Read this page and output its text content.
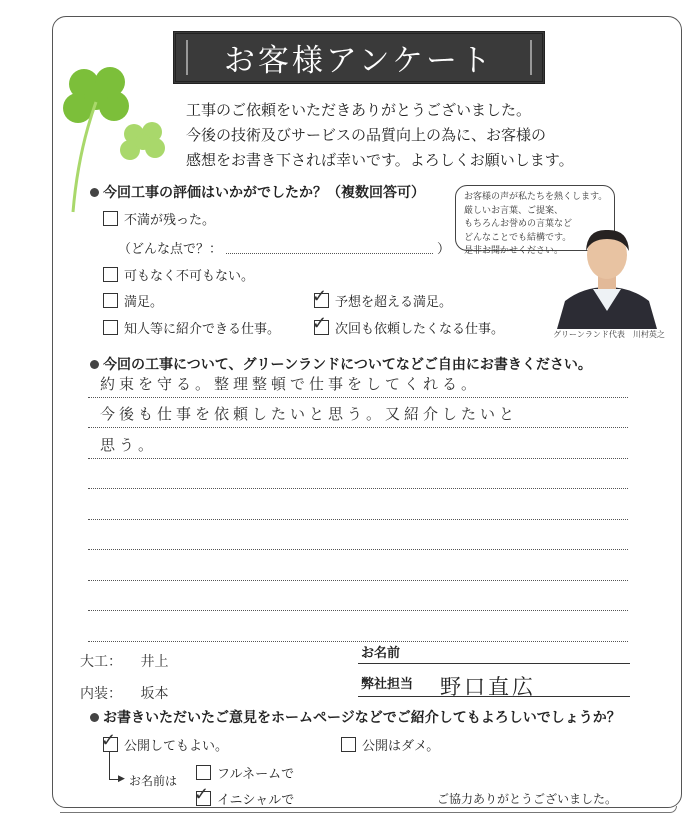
お客様アンケート
工事のご依頼をいただきありがとうございました。
今後の技術及びサービスの品質向上の為に、お客様の
感想をお書き下されば幸いです。よろしくお願いします。
今回工事の評価はいかがでしたか？（複数回答可）
不満が残った。
（どんな点で？：	）
可もなく不可もない。
満足。	✓ 予想を超える満足。
知人等に紹介できる仕事。 ✓ 次回も依頼したくなる仕事。
お客様の声が私たちを熱くします。
厳しいお言葉、ご提案、
もちろんお誉めの言葉など
どんなことでも結構です。
是非お聞かせください。
グリーンランド代表　川村英之
今回の工事について、グリーンランドについてなどご自由にお書きください。
約束を守る。整理整頓で仕事をしてくれる。
今後も仕事を依頼したいと思う。又紹介したいと
思う。
大工： 井上
内装： 坂本
お名前
弊社担当 野口直広
お書きいただいたご意見をホームページなどでご紹介してもよろしいでしょうか？
✓ 公開してもよい。	公開はダメ。
▶ お名前は	フルネームで
✓ イニシャルで	ご協力ありがとうございました。
